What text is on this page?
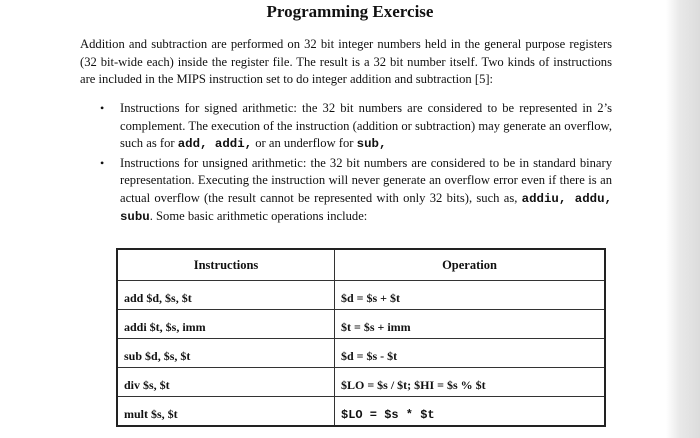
Programming Exercise

Addition and subtraction are performed on 32 bit integer numbers held in the general purpose registers (32 bit-wide each) inside the register file. The result is a 32 bit number itself. Two kinds of instructions are included in the MIPS instruction set to do integer addition and subtraction [5]:

• Instructions for signed arithmetic: the 32 bit numbers are considered to be represented in 2’s complement. The execution of the instruction (addition or subtraction) may generate an overflow, such as for add, addi, or an underflow for sub,
• Instructions for unsigned arithmetic: the 32 bit numbers are considered to be in standard binary representation. Executing the instruction will never generate an overflow error even if there is an actual overflow (the result cannot be represented with only 32 bits), such as, addiu, addu, subu. Some basic arithmetic operations include:
Instructions	Operation
add $d, $s, $t	$d = $s + $t
addi $t, $s, imm	$t = $s + imm
sub $d, $s, $t	$d = $s - $t
div $s, $t	$LO = $s / $t; $HI = $s % $t
mult $s, $t	$LO = $s * $t
